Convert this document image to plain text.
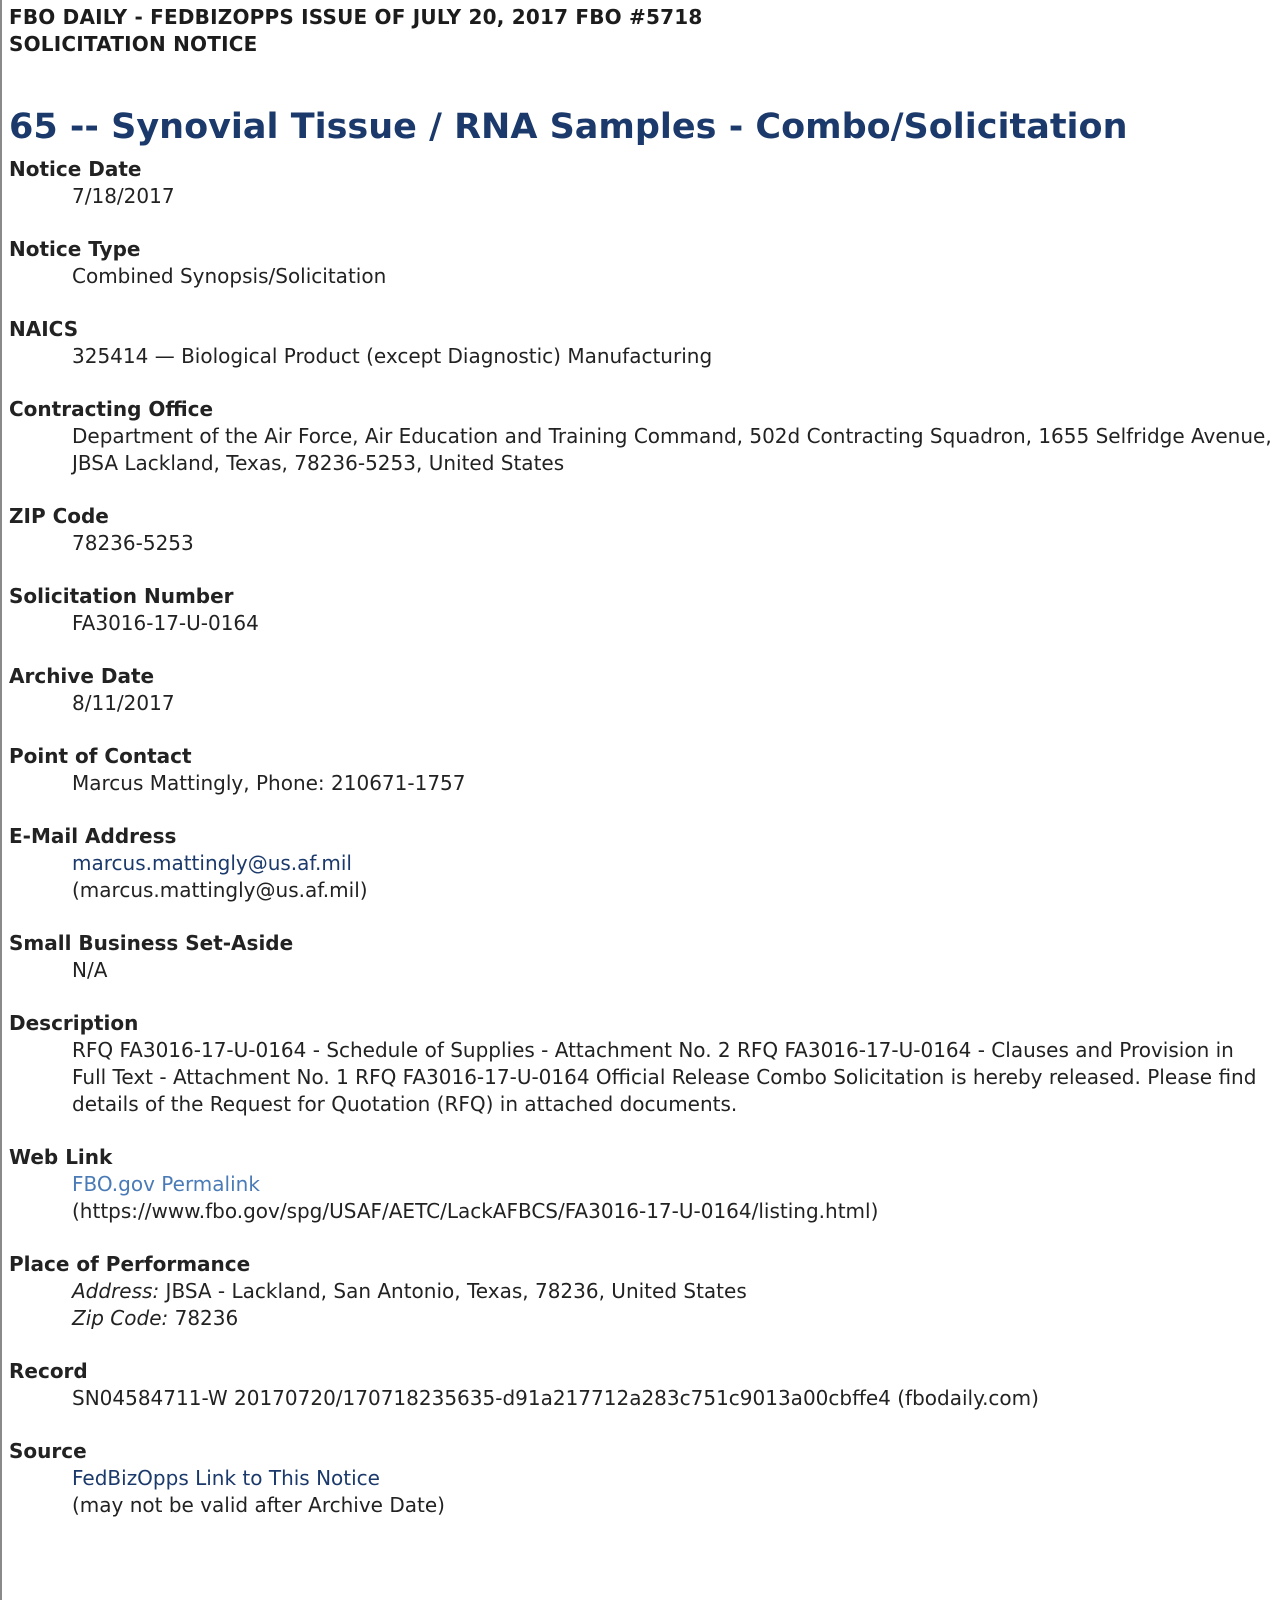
FBO DAILY - FEDBIZOPPS ISSUE OF JULY 20, 2017 FBO #5718
SOLICITATION NOTICE
65 -- Synovial Tissue / RNA Samples - Combo/Solicitation
Notice Date
7/18/2017
Notice Type
Combined Synopsis/Solicitation
NAICS
325414 — Biological Product (except Diagnostic) Manufacturing
Contracting Office
Department of the Air Force, Air Education and Training Command, 502d Contracting Squadron, 1655 Selfridge Avenue,
JBSA Lackland, Texas, 78236-5253, United States
ZIP Code
78236-5253
Solicitation Number
FA3016-17-U-0164
Archive Date
8/11/2017
Point of Contact
Marcus Mattingly, Phone: 210671-1757
E-Mail Address
marcus.mattingly@us.af.mil
(marcus.mattingly@us.af.mil)
Small Business Set-Aside
N/A
Description
RFQ FA3016-17-U-0164 - Schedule of Supplies - Attachment No. 2 RFQ FA3016-17-U-0164 - Clauses and Provision in
Full Text - Attachment No. 1 RFQ FA3016-17-U-0164 Official Release Combo Solicitation is hereby released. Please find
details of the Request for Quotation (RFQ) in attached documents.
Web Link
FBO.gov Permalink
(https://www.fbo.gov/spg/USAF/AETC/LackAFBCS/FA3016-17-U-0164/listing.html)
Place of Performance
Address: JBSA - Lackland, San Antonio, Texas, 78236, United States
Zip Code: 78236
Record
SN04584711-W 20170720/170718235635-d91a217712a283c751c9013a00cbffe4 (fbodaily.com)
Source
FedBizOpps Link to This Notice
(may not be valid after Archive Date)
